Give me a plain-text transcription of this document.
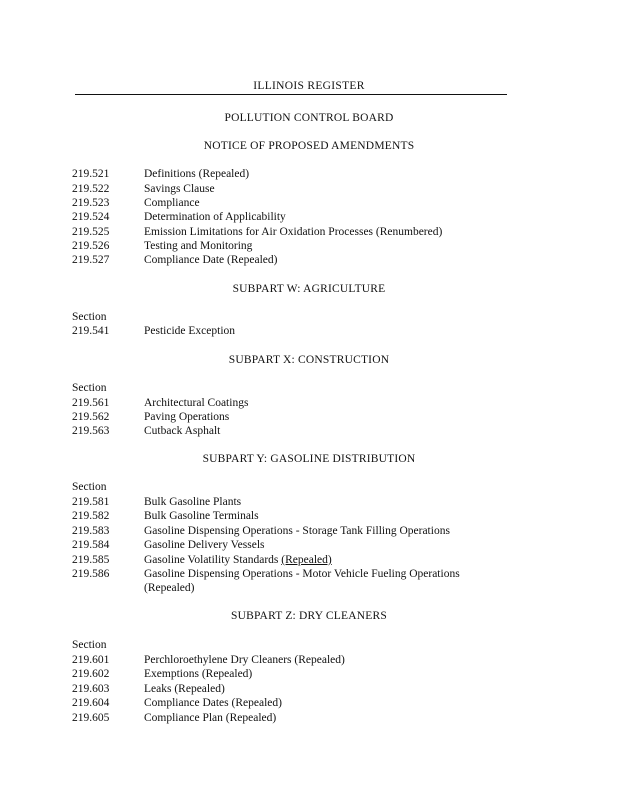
ILLINOIS REGISTER
POLLUTION CONTROL BOARD
NOTICE OF PROPOSED AMENDMENTS
219.521	Definitions (Repealed)
219.522	Savings Clause
219.523	Compliance
219.524	Determination of Applicability
219.525	Emission Limitations for Air Oxidation Processes (Renumbered)
219.526	Testing and Monitoring
219.527	Compliance Date (Repealed)
SUBPART W: AGRICULTURE
Section
219.541	Pesticide Exception
SUBPART X: CONSTRUCTION
Section
219.561	Architectural Coatings
219.562	Paving Operations
219.563	Cutback Asphalt
SUBPART Y: GASOLINE DISTRIBUTION
Section
219.581	Bulk Gasoline Plants
219.582	Bulk Gasoline Terminals
219.583	Gasoline Dispensing Operations - Storage Tank Filling Operations
219.584	Gasoline Delivery Vessels
219.585	Gasoline Volatility Standards (Repealed)
219.586	Gasoline Dispensing Operations - Motor Vehicle Fueling Operations
(Repealed)
SUBPART Z: DRY CLEANERS
Section
219.601	Perchloroethylene Dry Cleaners (Repealed)
219.602	Exemptions (Repealed)
219.603	Leaks (Repealed)
219.604	Compliance Dates (Repealed)
219.605	Compliance Plan (Repealed)
